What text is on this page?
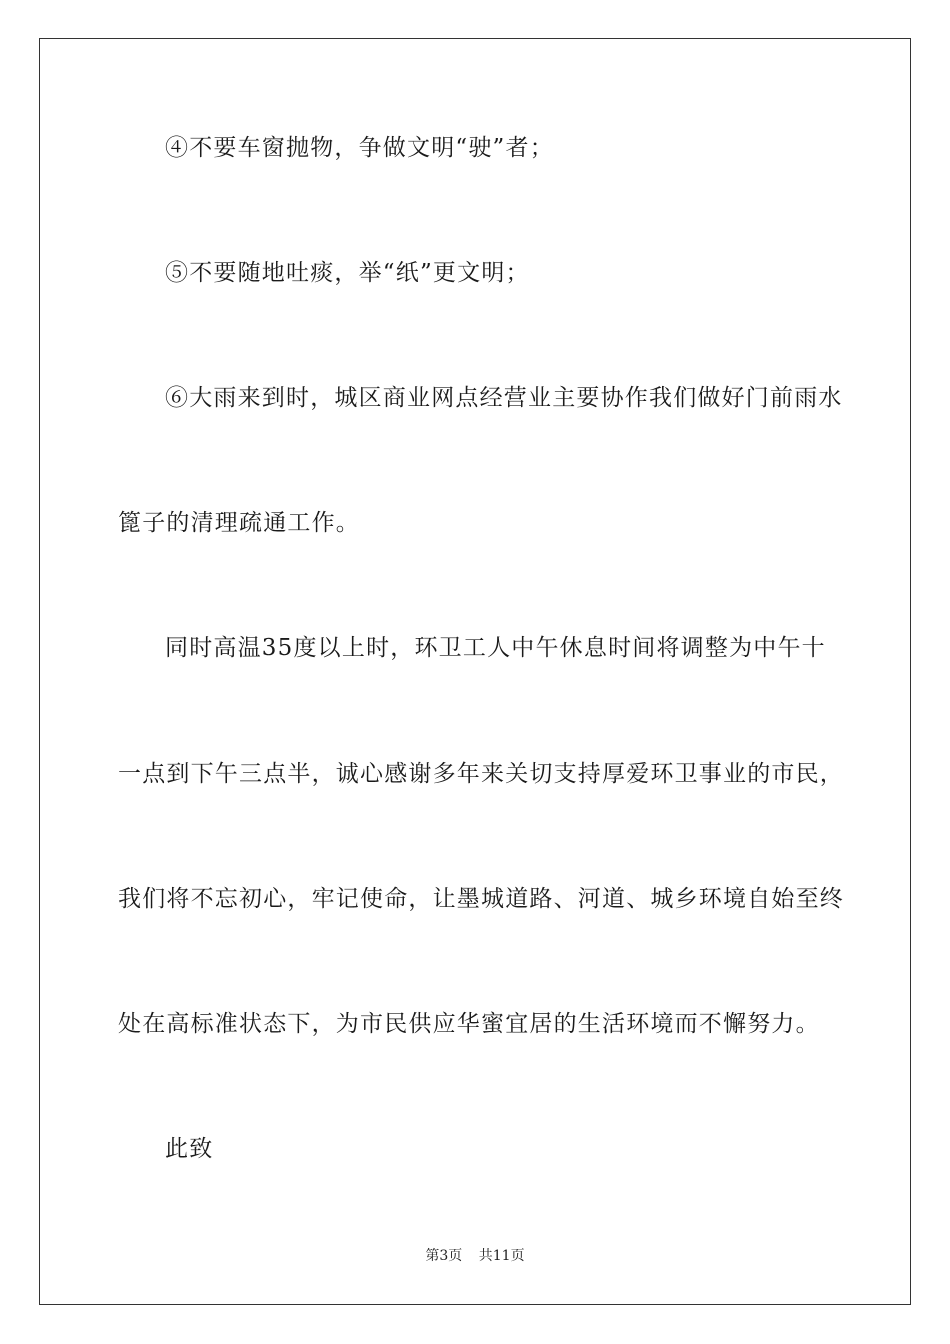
④不要车窗抛物，争做文明“驶”者；
⑤不要随地吐痰，举“纸”更文明；
⑥大雨来到时，城区商业网点经营业主要协作我们做好门前雨水
篦子的清理疏通工作。
同时高温35度以上时，环卫工人中午休息时间将调整为中午十
一点到下午三点半，诚心感谢多年来关切支持厚爱环卫事业的市民，
我们将不忘初心，牢记使命，让墨城道路、河道、城乡环境自始至终
处在高标准状态下，为市民供应华蜜宜居的生活环境而不懈努力。
此致
第3页 共11页
